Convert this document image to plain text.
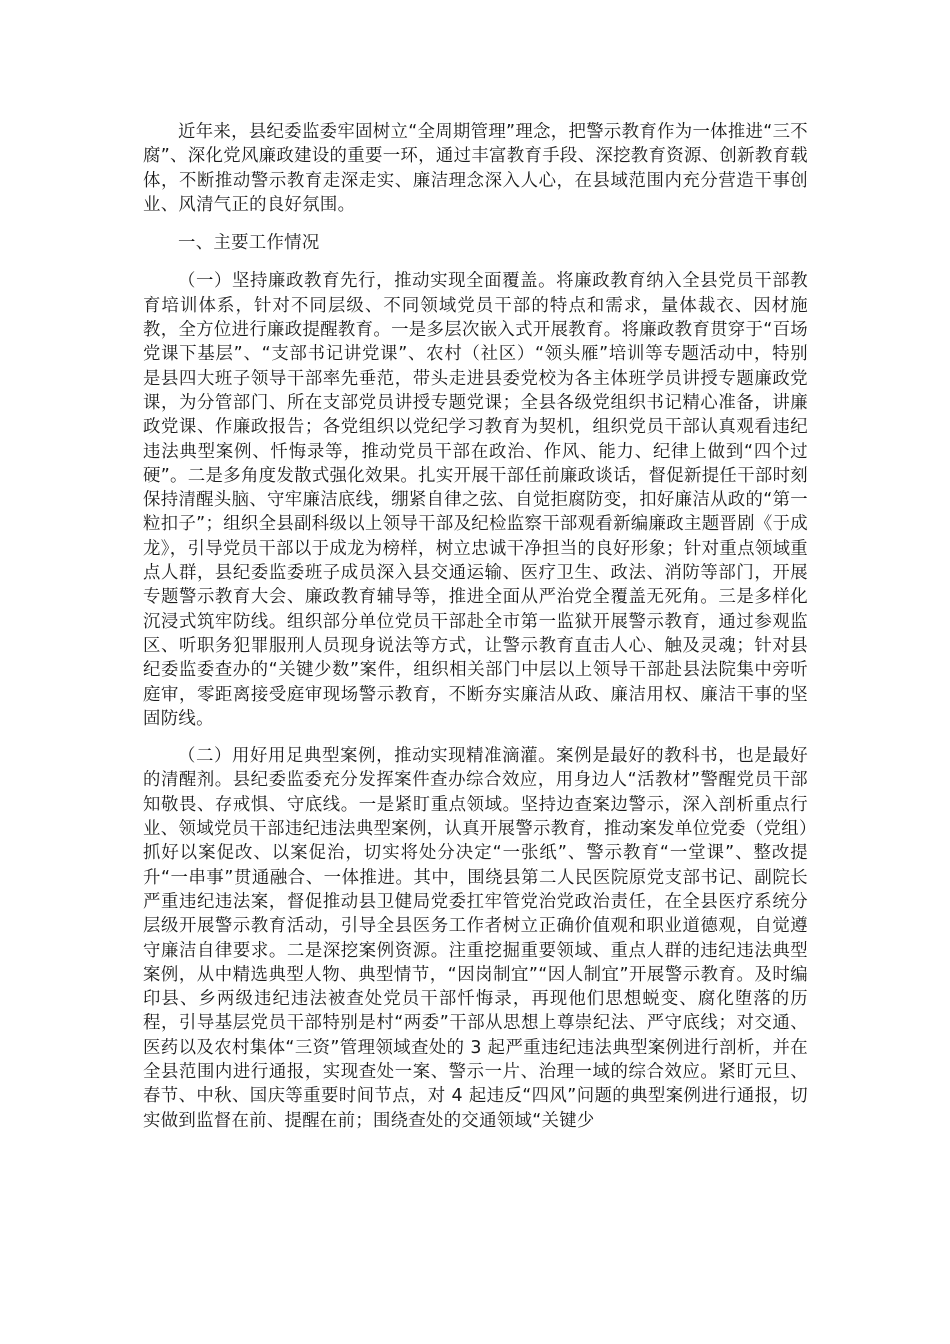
近年来，县纪委监委牢固树立“全周期管理”理念，把警示教育作为一体推进“三不腐”、深化党风廉政建设的重要一环，通过丰富教育手段、深挖教育资源、创新教育载体，不断推动警示教育走深走实、廉洁理念深入人心，在县域范围内充分营造干事创业、风清气正的良好氛围。

一、主要工作情况

（一）坚持廉政教育先行，推动实现全面覆盖。将廉政教育纳入全县党员干部教育培训体系，针对不同层级、不同领域党员干部的特点和需求，量体裁衣、因材施教，全方位进行廉政提醒教育。一是多层次嵌入式开展教育。将廉政教育贯穿于“百场党课下基层”、“支部书记讲党课”、农村（社区）“领头雁”培训等专题活动中，特别是县四大班子领导干部率先垂范，带头走进县委党校为各主体班学员讲授专题廉政党课，为分管部门、所在支部党员讲授专题党课；全县各级党组织书记精心准备，讲廉政党课、作廉政报告；各党组织以党纪学习教育为契机，组织党员干部认真观看违纪违法典型案例、忏悔录等，推动党员干部在政治、作风、能力、纪律上做到“四个过硬”。二是多角度发散式强化效果。扎实开展干部任前廉政谈话，督促新提任干部时刻保持清醒头脑、守牢廉洁底线，绷紧自律之弦、自觉拒腐防变，扣好廉洁从政的“第一粒扣子”；组织全县副科级以上领导干部及纪检监察干部观看新编廉政主题晋剧《于成龙》，引导党员干部以于成龙为榜样，树立忠诚干净担当的良好形象；针对重点领域重点人群，县纪委监委班子成员深入县交通运输、医疗卫生、政法、消防等部门，开展专题警示教育大会、廉政教育辅导等，推进全面从严治党全覆盖无死角。三是多样化沉浸式筑牢防线。组织部分单位党员干部赴全市第一监狱开展警示教育，通过参观监区、听职务犯罪服刑人员现身说法等方式，让警示教育直击人心、触及灵魂；针对县纪委监委查办的“关键少数”案件，组织相关部门中层以上领导干部赴县法院集中旁听庭审，零距离接受庭审现场警示教育，不断夯实廉洁从政、廉洁用权、廉洁干事的坚固防线。

（二）用好用足典型案例，推动实现精准滴灌。案例是最好的教科书，也是最好的清醒剂。县纪委监委充分发挥案件查办综合效应，用身边人“活教材”警醒党员干部知敬畏、存戒惧、守底线。一是紧盯重点领域。坚持边查案边警示，深入剖析重点行业、领域党员干部违纪违法典型案例，认真开展警示教育，推动案发单位党委（党组）抓好以案促改、以案促治，切实将处分决定“一张纸”、警示教育“一堂课”、整改提升“一串事”贯通融合、一体推进。其中，围绕县第二人民医院原党支部书记、副院长严重违纪违法案，督促推动县卫健局党委扛牢管党治党政治责任，在全县医疗系统分层级开展警示教育活动，引导全县医务工作者树立正确价值观和职业道德观，自觉遵守廉洁自律要求。二是深挖案例资源。注重挖掘重要领域、重点人群的违纪违法典型案例，从中精选典型人物、典型情节，“因岗制宜”“因人制宜”开展警示教育。及时编印县、乡两级违纪违法被查处党员干部忏悔录，再现他们思想蜕变、腐化堕落的历程，引导基层党员干部特别是村“两委”干部从思想上尊崇纪法、严守底线；对交通、医药以及农村集体“三资”管理领域查处的 3 起严重违纪违法典型案例进行剖析，并在全县范围内进行通报，实现查处一案、警示一片、治理一域的综合效应。紧盯元旦、春节、中秋、国庆等重要时间节点，对 4 起违反“四风”问题的典型案例进行通报，切实做到监督在前、提醒在前；围绕查处的交通领域“关键少
